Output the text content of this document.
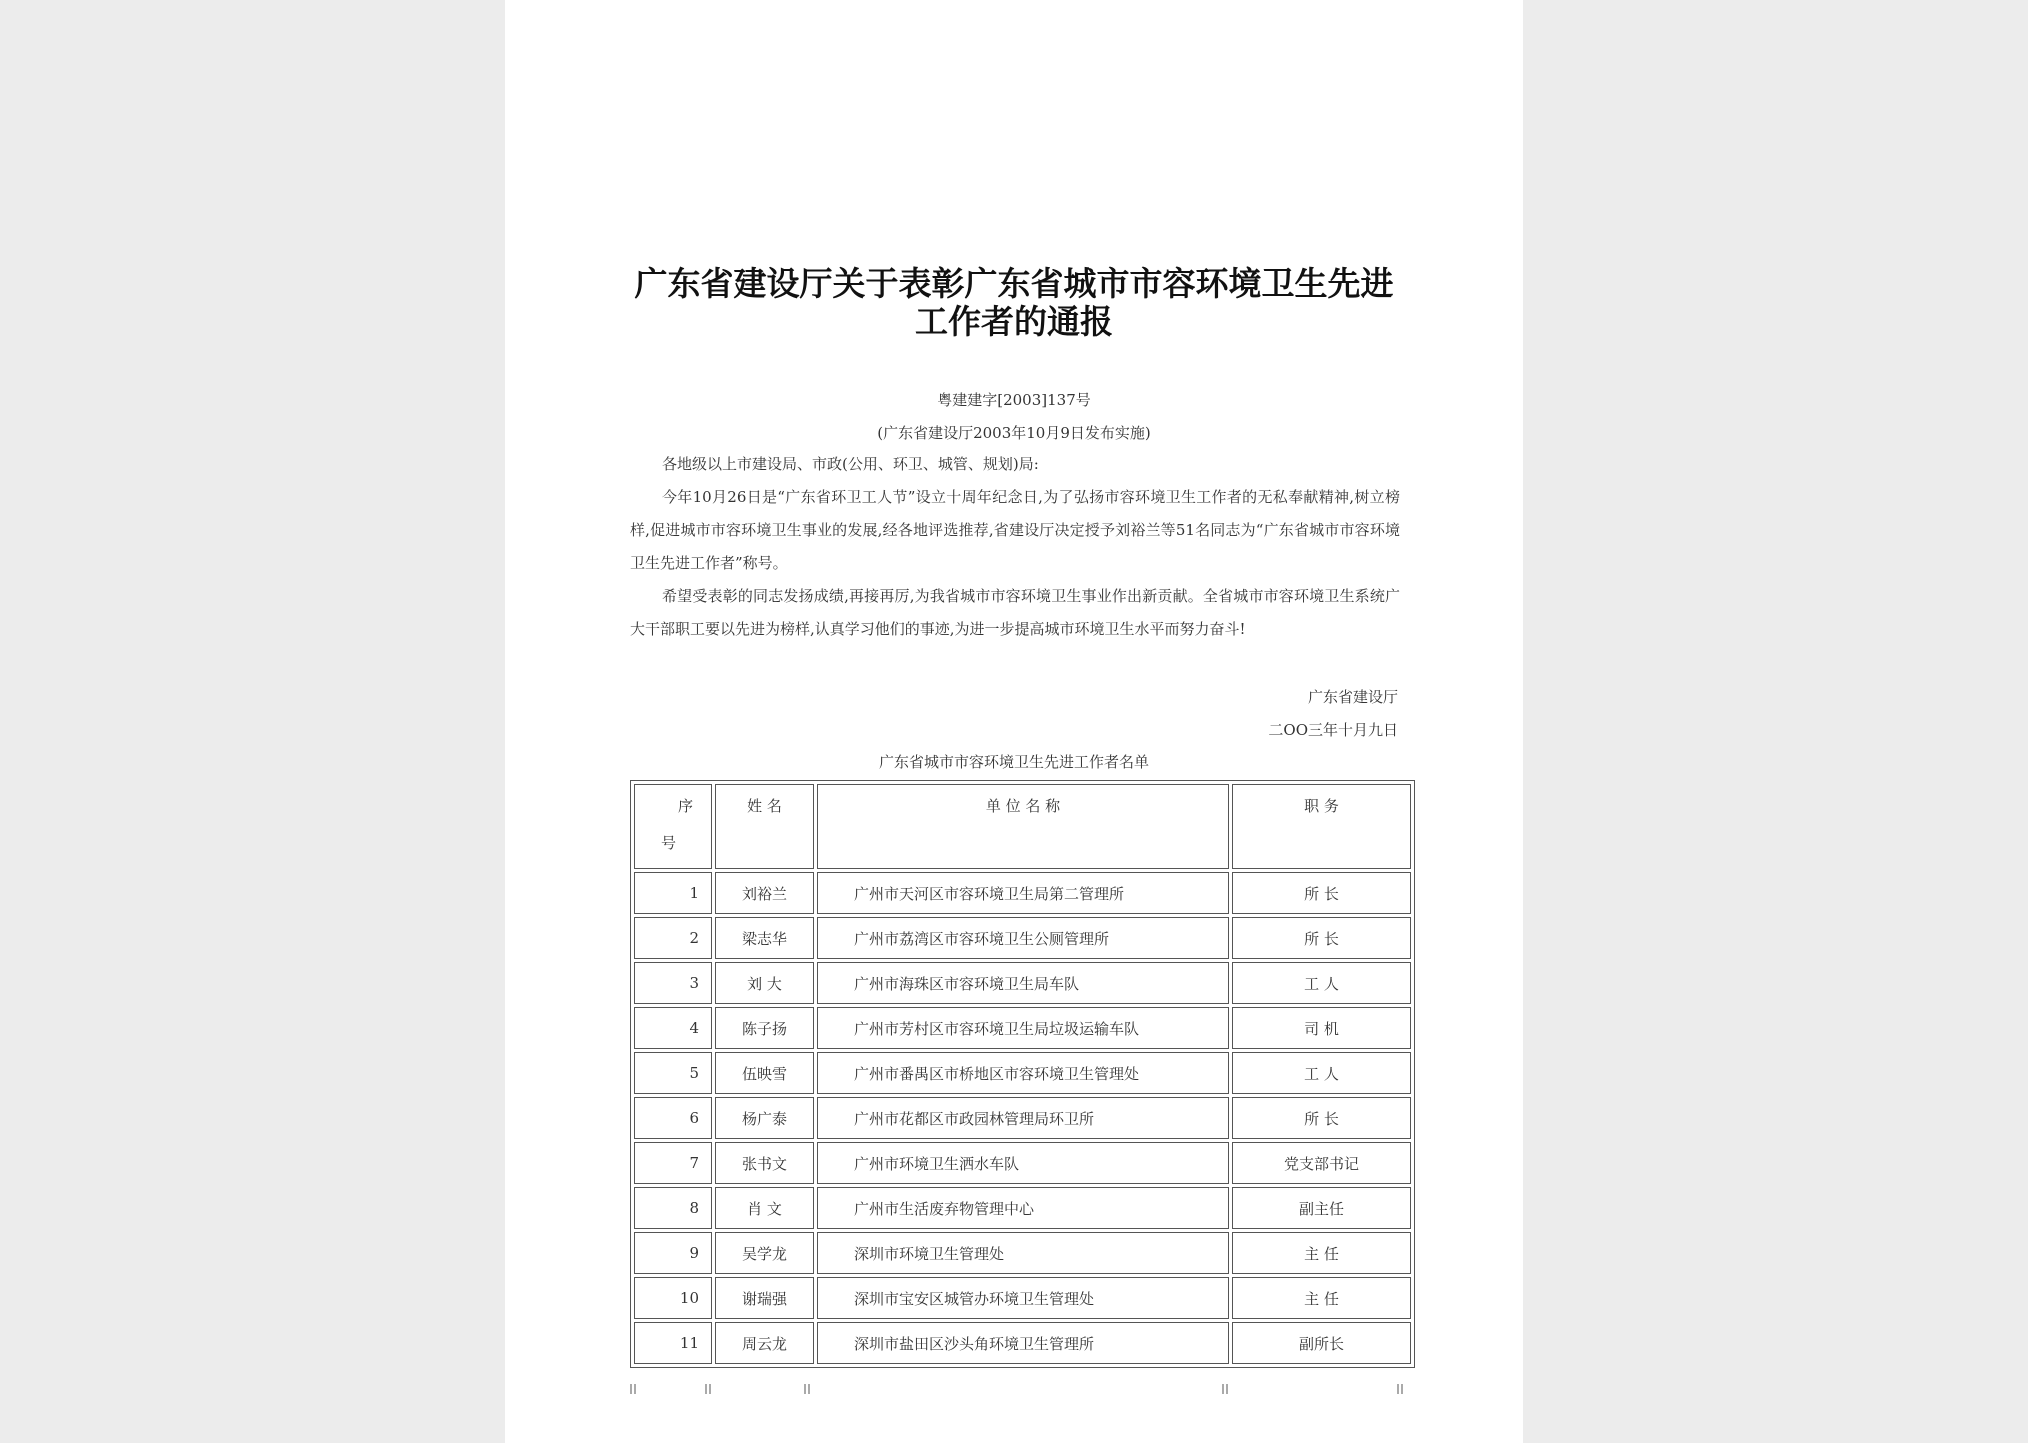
广东省建设厅关于表彰广东省城市市容环境卫生先进
工作者的通报
粤建建字[2003]137号
(广东省建设厅2003年10月9日发布实施)
各地级以上市建设局、市政(公用、环卫、城管、规划)局:
今年10月26日是“广东省环卫工人节”设立十周年纪念日,为了弘扬市容环境卫生工作者的无私奉献精神,树立榜样,促进城市市容环境卫生事业的发展,经各地评选推荐,省建设厅决定授予刘裕兰等51名同志为“广东省城市市容环境卫生先进工作者”称号。
希望受表彰的同志发扬成绩,再接再厉,为我省城市市容环境卫生事业作出新贡献。全省城市市容环境卫生系统广大干部职工要以先进为榜样,认真学习他们的事迹,为进一步提高城市环境卫生水平而努力奋斗!
广东省建设厅
二OO三年十月九日
广东省城市市容环境卫生先进工作者名单
序
号	姓 名	单 位 名 称	职 务
1	刘裕兰	广州市天河区市容环境卫生局第二管理所	所 长
2	梁志华	广州市荔湾区市容环境卫生公厕管理所	所 长
3	刘 大	广州市海珠区市容环境卫生局车队	工 人
4	陈子扬	广州市芳村区市容环境卫生局垃圾运输车队	司 机
5	伍映雪	广州市番禺区市桥地区市容环境卫生管理处	工 人
6	杨广泰	广州市花都区市政园林管理局环卫所	所 长
7	张书文	广州市环境卫生洒水车队	党支部书记
8	肖 文	广州市生活废弃物管理中心	副主任
9	吴学龙	深圳市环境卫生管理处	主 任
10	谢瑞强	深圳市宝安区城管办环境卫生管理处	主 任
11	周云龙	深圳市盐田区沙头角环境卫生管理所	副所长
